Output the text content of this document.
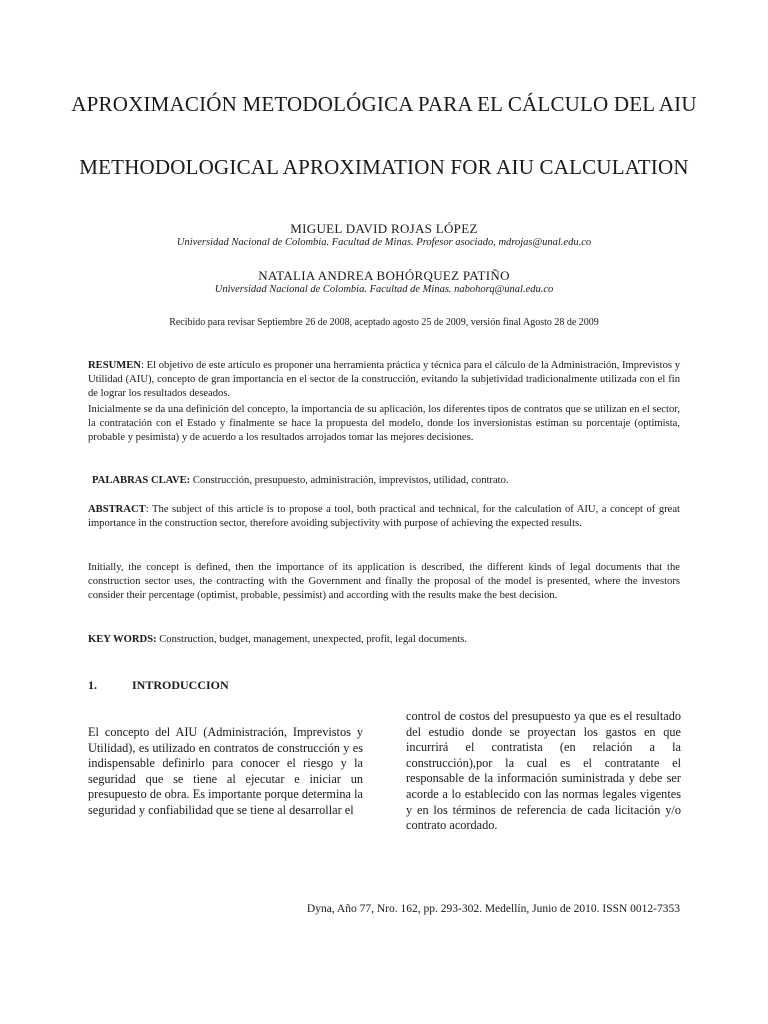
APROXIMACIÓN METODOLÓGICA PARA EL CÁLCULO DEL AIU
METHODOLOGICAL APROXIMATION FOR AIU CALCULATION
MIGUEL DAVID ROJAS LÓPEZ
Universidad Nacional de Colombia. Facultad de Minas. Profesor asociado, mdrojas@unal.edu.co
NATALIA ANDREA BOHÓRQUEZ PATIÑO
Universidad Nacional de Colombia. Facultad de Minas. nabohorq@unal.edu.co
Recibido para revisar Septiembre 26 de 2008, aceptado agosto 25 de 2009, versión final Agosto 28 de 2009

RESUMEN: El objetivo de este artículo es proponer una herramienta práctica y técnica para el cálculo de la Administración, Imprevistos y Utilidad (AIU), concepto de gran importancia en el sector de la construcción, evitando la subjetividad tradicionalmente utilizada con el fin de lograr los resultados deseados.

Inicialmente se da una definición del concepto, la importancia de su aplicación, los diferentes tipos de contratos que se utilizan en el sector, la contratación con el Estado y finalmente se hace la propuesta del modelo, donde los inversionistas estiman su porcentaje (optimista, probable y pesimista) y de acuerdo a los resultados arrojados tomar las mejores decisiones.

PALABRAS CLAVE: Construcción, presupuesto, administración, imprevistos, utilidad, contrato.

ABSTRACT: The subject of this article is to propose a tool, both practical and technical, for the calculation of AIU, a concept of great importance in the construction sector, therefore avoiding subjectivity with purpose of achieving the expected results.

Initially, the concept is defined, then the importance of its application is described, the different kinds of legal documents that the construction sector uses, the contracting with the Government and finally the proposal of the model is presented, where the investors consider their percentage (optimist, probable, pessimist) and according with the results make the best decision.

KEY WORDS: Construction, budget, management, unexpected, profit, legal documents.

1.	INTRODUCCION

El concepto del AIU (Administración, Imprevistos y Utilidad), es utilizado en contratos de construcción y es indispensable definirlo para conocer el riesgo y la seguridad que se tiene al ejecutar e iniciar un presupuesto de obra. Es importante porque determina la seguridad y confiabilidad que se tiene al desarrollar el

control de costos del presupuesto ya que es el resultado del estudio donde se proyectan los gastos en que incurrirá el contratista (en relación a la construcción),por la cual es el contratante el responsable de la información suministrada y debe ser acorde a lo establecido con las normas legales vigentes y en los términos de referencia de cada licitación y/o contrato acordado.

Dyna, Año 77, Nro. 162, pp. 293-302. Medellín, Junio de 2010. ISSN 0012-7353
